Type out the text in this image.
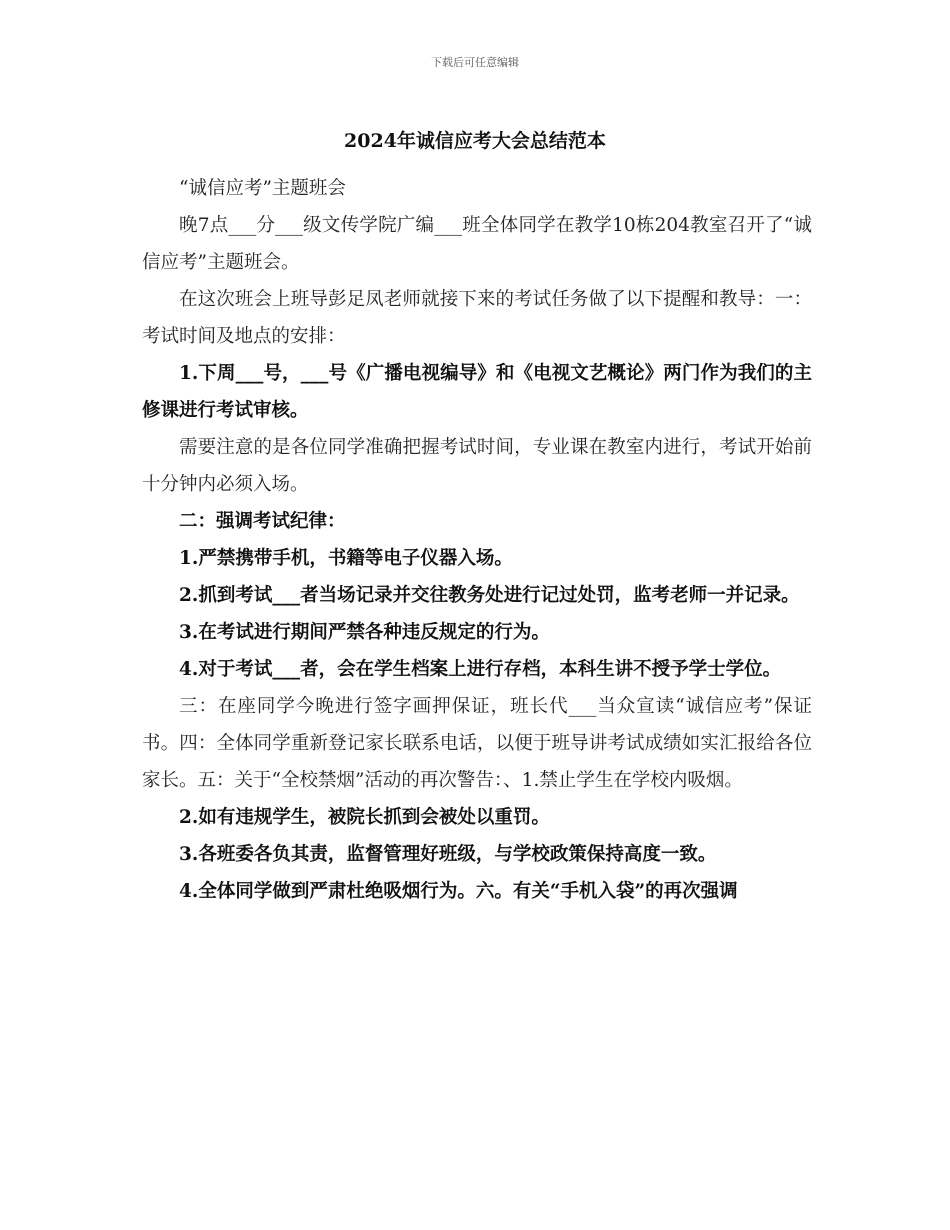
下载后可任意编辑
2024年诚信应考大会总结范本

“诚信应考”主题班会

晚7点___分___级文传学院广编___班全体同学在教学10栋204教室召开了“诚信应考”主题班会。

在这次班会上班导彭足凤老师就接下来的考试任务做了以下提醒和教导：一：考试时间及地点的安排：

1.下周___号，___号《广播电视编导》和《电视文艺概论》两门作为我们的主修课进行考试审核。

需要注意的是各位同学准确把握考试时间，专业课在教室内进行，考试开始前十分钟内必须入场。

二：强调考试纪律：

1.严禁携带手机，书籍等电子仪器入场。

2.抓到考试___者当场记录并交往教务处进行记过处罚，监考老师一并记录。

3.在考试进行期间严禁各种违反规定的行为。

4.对于考试___者，会在学生档案上进行存档，本科生讲不授予学士学位。

三：在座同学今晚进行签字画押保证，班长代___当众宣读“诚信应考”保证书。四：全体同学重新登记家长联系电话，以便于班导讲考试成绩如实汇报给各位家长。五：关于“全校禁烟”活动的再次警告：、1.禁止学生在学校内吸烟。

2.如有违规学生，被院长抓到会被处以重罚。

3.各班委各负其责，监督管理好班级，与学校政策保持高度一致。

4.全体同学做到严肃杜绝吸烟行为。六。有关“手机入袋”的再次强调
